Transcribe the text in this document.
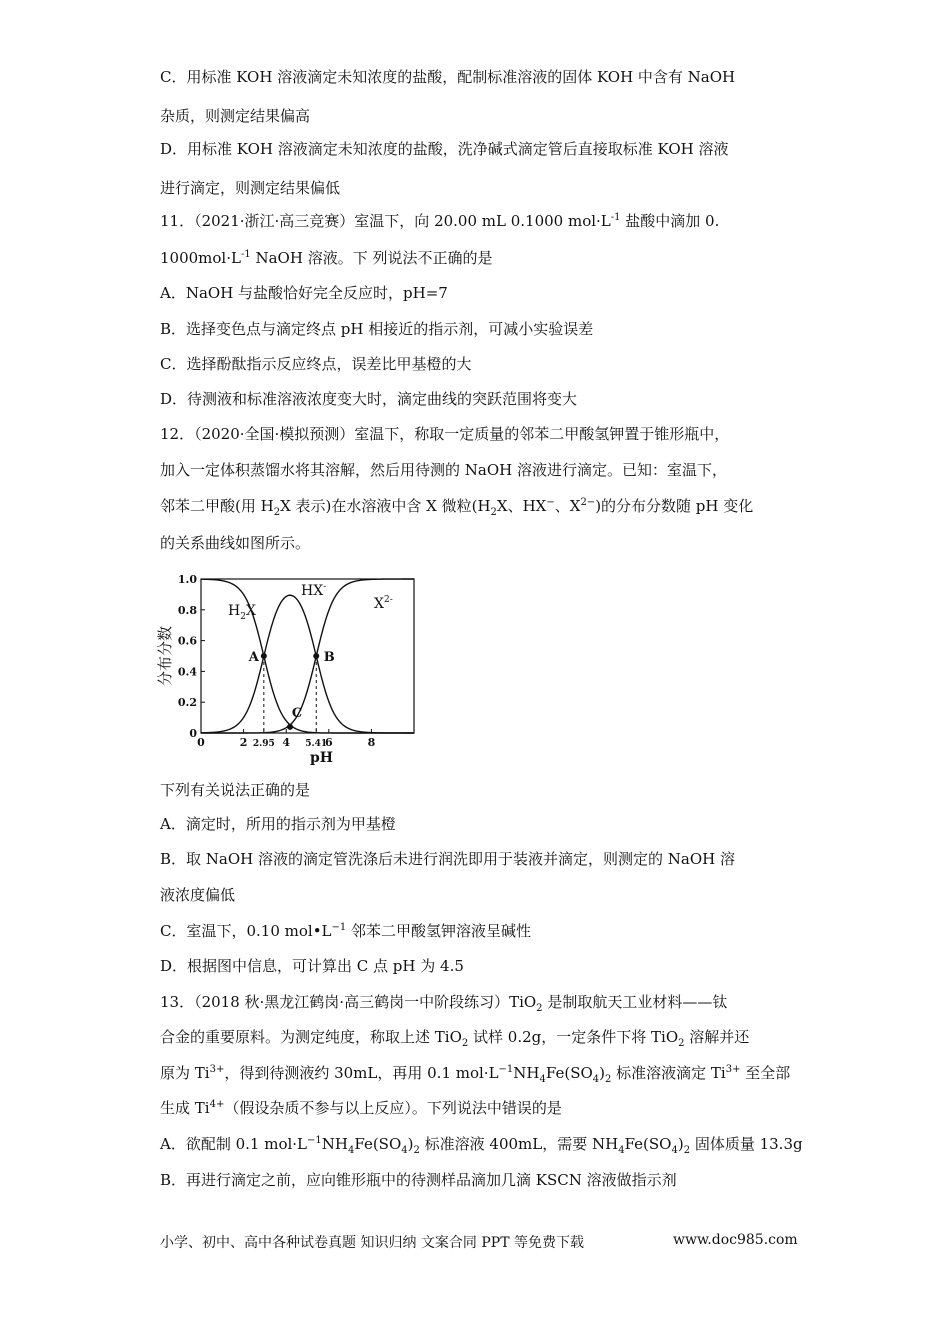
C．用标准 KOH 溶液滴定未知浓度的盐酸，配制标准溶液的固体 KOH 中含有 NaOH
杂质，则测定结果偏高
D．用标准 KOH 溶液滴定未知浓度的盐酸，洗净碱式滴定管后直接取标准 KOH 溶液
进行滴定，则测定结果偏低
11．（2021·浙江·高三竞赛）室温下，向 20.00 mL 0.1000 $mol\cdot L^{-1}$ 盐酸中滴加 0.
$1000mol\cdot L^{-1}$ NaOH 溶液。下 列说法不正确的是
A．NaOH 与盐酸恰好完全反应时，pH=7
B．选择变色点与滴定终点 pH 相接近的指示剂，可减小实验误差
C．选择酚酞指示反应终点，误差比甲基橙的大
D．待测液和标准溶液浓度变大时，滴定曲线的突跃范围将变大
12．（2020·全国·模拟预测）室温下，称取一定质量的邻苯二甲酸氢钾置于锥形瓶中，
加入一定体积蒸馏水将其溶解，然后用待测的 NaOH 溶液进行滴定。已知：室温下，
邻苯二甲酸(用 $H_2X$ 表示)在水溶液中含 X 微粒($H_2X$、HX−、$X^{2-}$)的分布分数随 pH 变化
的关系曲线如图所示。
下列有关说法正确的是
A．滴定时，所用的指示剂为甲基橙
B．取 NaOH 溶液的滴定管洗涤后未进行润洗即用于装液并滴定，则测定的 NaOH 溶
液浓度偏低
C．室温下，0.10 $mol•L^{-1}$ 邻苯二甲酸氢钾溶液呈碱性
D．根据图中信息，可计算出 C 点 pH 为 4.5
13．（2018 秋·黑龙江鹤岗·高三鹤岗一中阶段练习）TiO$_2$ 是制取航天工业材料——钛
合金的重要原料。为测定纯度，称取上述 TiO$_2$ 试样 0.2g，一定条件下将 TiO$_2$ 溶解并还
原为 $Ti^{3+}$，得到待测液约 30mL，再用 0.1 $mol\cdot L^{-1}NH_4Fe(SO_4)_2$ 标准溶液滴定 $Ti^{3+}$ 至全部
生成 $Ti^{4+}$（假设杂质不参与以上反应）。下列说法中错误的是
A．欲配制 0.1 $mol\cdot L^{-1}NH_4Fe(SO_4)_2$ 标准溶液 400mL，需要 $NH_4Fe(SO_4)_2$ 固体质量 13.3g
B．再进行滴定之前，应向锥形瓶中的待测样品滴加几滴 KSCN 溶液做指示剂
0	2 2.95 4 5.41
6	8
0
0.2
0.4
0.6
0.8
1.0
pH
分布分数	A	B
C
$H_2X$
HX-
$X^{2-}$
小学、初中、高中各种试卷真题 知识归纳 文案合同 PPT 等免费下载	www.doc985.com
